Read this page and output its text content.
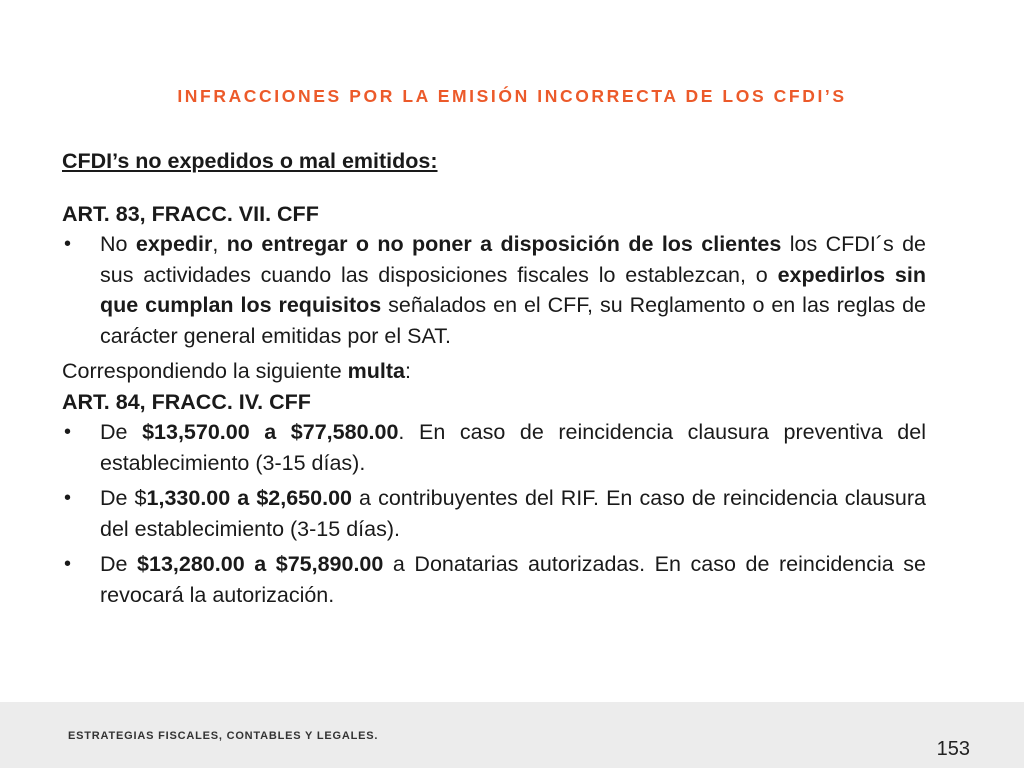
INFRACCIONES POR LA EMISIÓN INCORRECTA DE LOS CFDI’S

CFDI’s no expedidos o mal emitidos:

ART. 83, FRACC. VII. CFF

• No expedir, no entregar o no poner a disposición de los clientes los CFDI´s de sus actividades cuando las disposiciones fiscales lo establezcan, o expedirlos sin que cumplan los requisitos señalados en el CFF, su Reglamento o en las reglas de carácter general emitidas por el SAT.

Correspondiendo la siguiente multa:

ART. 84, FRACC. IV. CFF

• De $13,570.00 a $77,580.00. En caso de reincidencia clausura preventiva del establecimiento (3-15 días).
• De $1,330.00 a $2,650.00 a contribuyentes del RIF. En caso de reincidencia clausura del establecimiento (3-15 días).
• De $13,280.00 a $75,890.00 a Donatarias autorizadas. En caso de reincidencia se revocará la autorización.
ESTRATEGIAS FISCALES, CONTABLES Y LEGALES.
153
